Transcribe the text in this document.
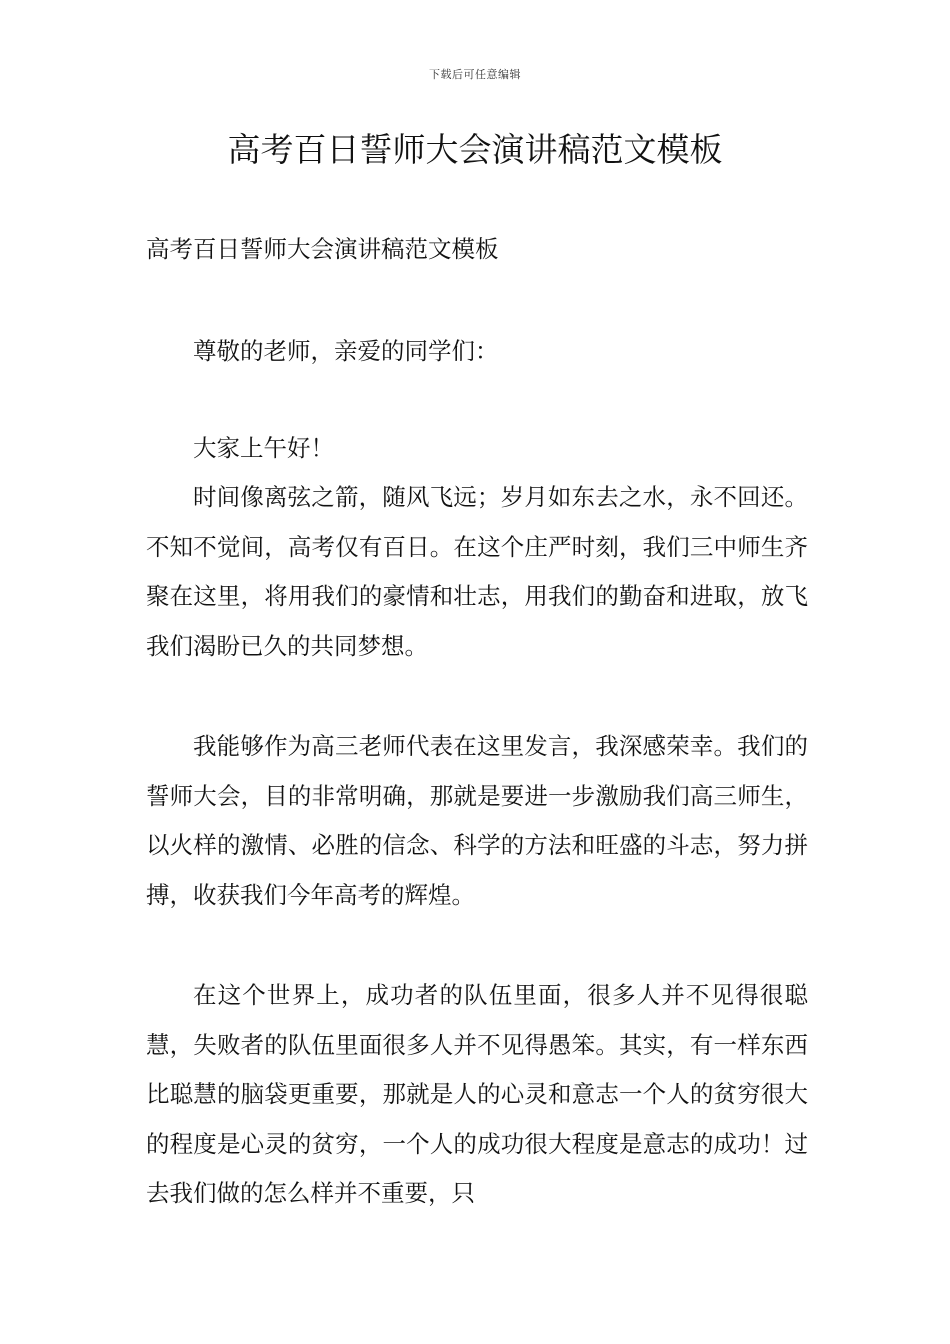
下载后可任意编辑
高考百日誓师大会演讲稿范文模板

高考百日誓师大会演讲稿范文模板

尊敬的老师，亲爱的同学们：

大家上午好！

时间像离弦之箭，随风飞远；岁月如东去之水，永不回还。不知不觉间，高考仅有百日。在这个庄严时刻，我们三中师生齐聚在这里，将用我们的豪情和壮志，用我们的勤奋和进取，放飞我们渴盼已久的共同梦想。

我能够作为高三老师代表在这里发言，我深感荣幸。我们的誓师大会，目的非常明确，那就是要进一步激励我们高三师生，以火样的激情、必胜的信念、科学的方法和旺盛的斗志，努力拼搏，收获我们今年高考的辉煌。

在这个世界上，成功者的队伍里面，很多人并不见得很聪慧，失败者的队伍里面很多人并不见得愚笨。其实，有一样东西比聪慧的脑袋更重要，那就是人的心灵和意志一个人的贫穷很大的程度是心灵的贫穷，一个人的成功很大程度是意志的成功！过去我们做的怎么样并不重要，只
